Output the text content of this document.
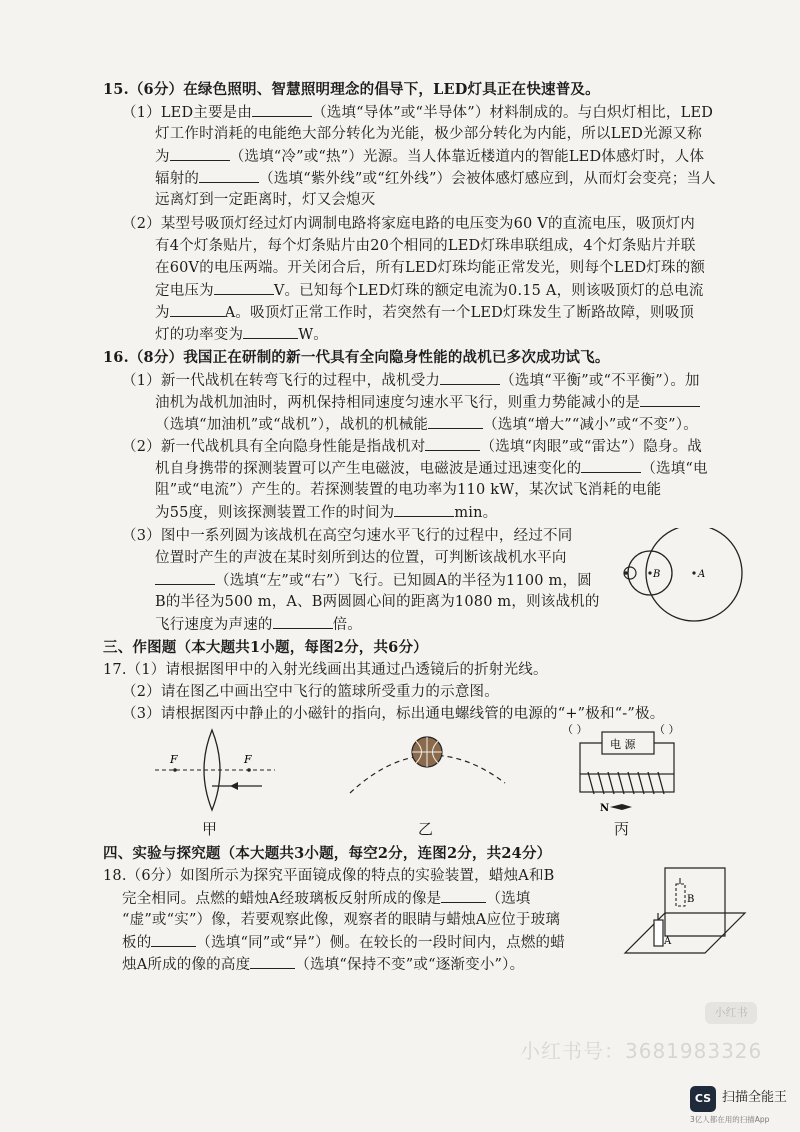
15.（6分）在绿色照明、智慧照明理念的倡导下，LED灯具正在快速普及。
（1）LED主要是由	（选填“导体”或“半导体”）材料制成的。与白炽灯相比，LED
灯工作时消耗的电能绝大部分转化为光能，极少部分转化为内能，所以LED光源又称
为	（选填“冷”或“热”）光源。当人体靠近楼道内的智能LED体感灯时，人体
辐射的	（选填“紫外线”或“红外线”）会被体感灯感应到，从而灯会变亮；当人
远离灯到一定距离时，灯又会熄灭
（2）某型号吸顶灯经过灯内调制电路将家庭电路的电压变为60 V的直流电压，吸顶灯内
有4个灯条贴片，每个灯条贴片由20个相同的LED灯珠串联组成，4个灯条贴片并联
在60V的电压两端。开关闭合后，所有LED灯珠均能正常发光，则每个LED灯珠的额
定电压为	V。已知每个LED灯珠的额定电流为0.15 A，则该吸顶灯的总电流
为	A。吸顶灯正常工作时，若突然有一个LED灯珠发生了断路故障，则吸顶
灯的功率变为	W。
16.（8分）我国正在研制的新一代具有全向隐身性能的战机已多次成功试飞。
（1）新一代战机在转弯飞行的过程中，战机受力	（选填“平衡”或“不平衡”）。加
油机为战机加油时，两机保持相同速度匀速水平飞行，则重力势能减小的是
（选填“加油机”或“战机”），战机的机械能	（选填“增大”“减小”或“不变”）。
（2）新一代战机具有全向隐身性能是指战机对	（选填“肉眼”或“雷达”）隐身。战
机自身携带的探测装置可以产生电磁波，电磁波是通过迅速变化的	（选填“电
阻”或“电流”）产生的。若探测装置的电功率为110 kW，某次试飞消耗的电能
为55度，则该探测装置工作的时间为	min。
（3）图中一系列圆为该战机在高空匀速水平飞行的过程中，经过不同
位置时产生的声波在某时刻所到达的位置，可判断该战机水平向
（选填“左”或“右”）飞行。已知圆A的半径为1100 m，圆
B的半径为500 m，A、B两圆圆心间的距离为1080 m，则该战机的
飞行速度为声速的	倍。
B	A
三、作图题（本大题共1小题，每图2分，共6分）
17.（1）请根据图甲中的入射光线画出其通过凸透镜后的折射光线。
（2）请在图乙中画出空中飞行的篮球所受重力的示意图。
（3）请根据图丙中静止的小磁针的指向，标出通电螺线管的电源的“+”极和“-”极。
F	F
甲	乙
（ ）	（ ）
电 源
N
丙
四、实验与探究题（本大题共3小题，每空2分，连图2分，共24分）
18.（6分）如图所示为探究平面镜成像的特点的实验装置，蜡烛A和B
完全相同。点燃的蜡烛A经玻璃板反射所成的像是	（选填
“虚”或“实”）像，若要观察此像，观察者的眼睛与蜡烛A应位于玻璃
板的	（选填“同”或“异”）侧。在较长的一段时间内，点燃的蜡
烛A所成的像的高度	（选填“保持不变”或“逐渐变小”）。
A
B
小红书
小红书号：3681983326
CS 扫描全能王
3亿人都在用的扫描App
